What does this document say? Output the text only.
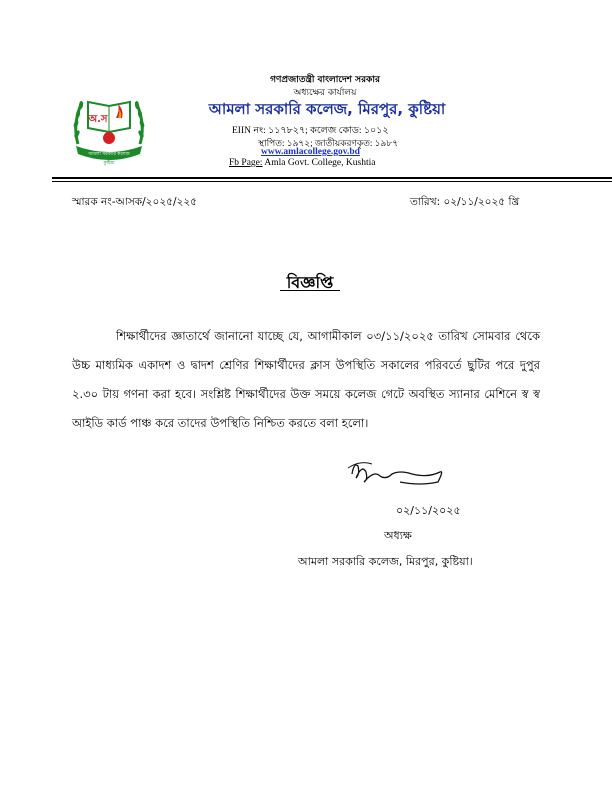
অ.স
আমলা সরকারি কলেজ
কুষ্টিয়া
গণপ্রজাতন্ত্রী বাংলাদেশ সরকার
অধ্যক্ষের কার্যালয়
আমলা সরকারি কলেজ, মিরপুর, কুষ্টিয়া
EIIN নং: ১১৭৮২৭; কলেজ কোড: ১০১২
স্থাপিত: ১৯৭২; জাতীয়করণকৃত: ১৯৮৭
www.amlacollege.gov.bd
Fb Page: Amla Govt. College, Kushtia
স্মারক নং-আসক/২০২৫/২২৫	তারিখ: ০২/১১/২০২৫ খ্রি
বিজ্ঞপ্তি
শিক্ষার্থীদের জ্ঞাতার্থে জানানো যাচ্ছে যে, আগামীকাল ০৩/১১/২০২৫ তারিখ সোমবার থেকে উচ্চ মাধ্যমিক একাদশ ও দ্বাদশ শ্রেণির শিক্ষার্থীদের ক্লাস উপস্থিতি সকালের পরিবর্তে ছুটির পরে দুপুর ২.৩০ টায় গণনা করা হবে। সংশ্লিষ্ট শিক্ষার্থীদের উক্ত সময়ে কলেজ গেটে অবস্থিত স্যানার মেশিনে স্ব স্ব আইডি কার্ড পাঞ্চ করে তাদের উপস্থিতি নিশ্চিত করতে বলা হলো।
০২/১১/২০২৫
অধ্যক্ষ
আমলা সরকারি কলেজ, মিরপুর, কুষ্টিয়া।
